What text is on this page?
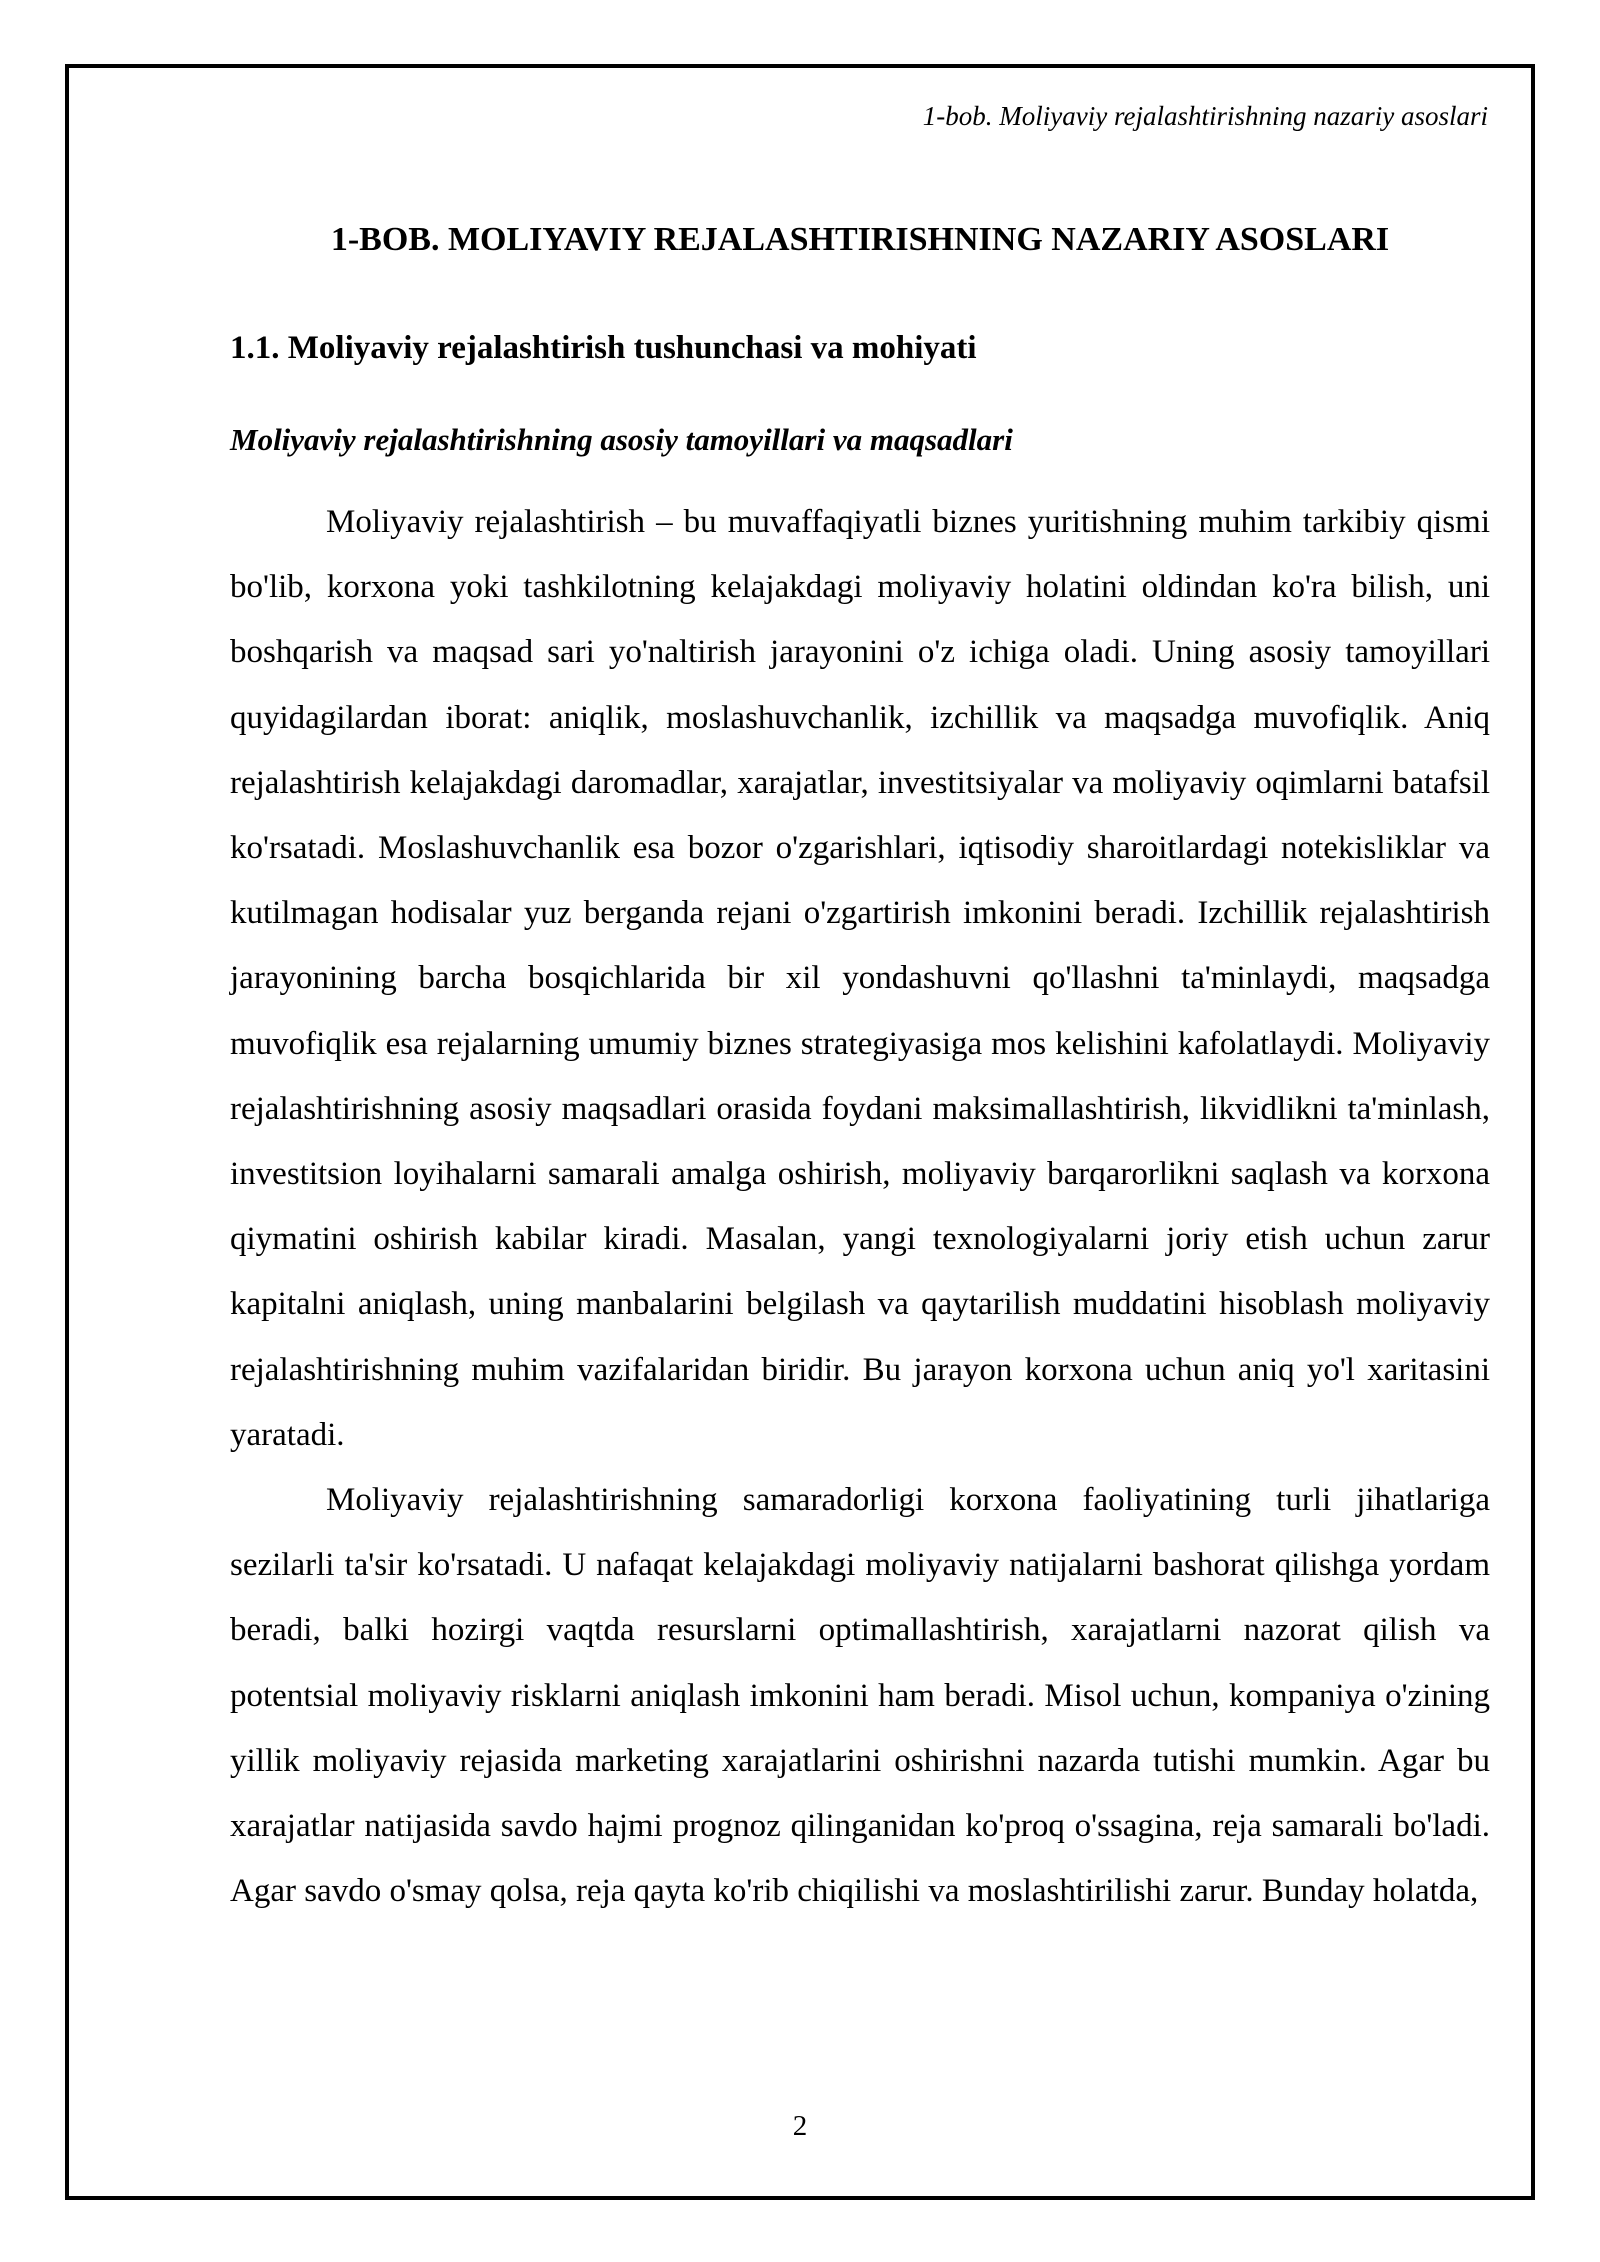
1-bob. Moliyaviy rejalashtirishning nazariy asoslari
1-BOB. MOLIYAVIY REJALASHTIRISHNING NAZARIY ASOSLARI
1.1. Moliyaviy rejalashtirish tushunchasi va mohiyati
Moliyaviy rejalashtirishning asosiy tamoyillari va maqsadlari

Moliyaviy rejalashtirish – bu muvaffaqiyatli biznes yuritishning muhim tarkibiy qismi bo'lib, korxona yoki tashkilotning kelajakdagi moliyaviy holatini oldindan ko'ra bilish, uni boshqarish va maqsad sari yo'naltirish jarayonini o'z ichiga oladi. Uning asosiy tamoyillari quyidagilardan iborat: aniqlik, moslashuvchanlik, izchillik va maqsadga muvofiqlik. Aniq rejalashtirish kelajakdagi daromadlar, xarajatlar, investitsiyalar va moliyaviy oqimlarni batafsil ko'rsatadi. Moslashuvchanlik esa bozor o'zgarishlari, iqtisodiy sharoitlardagi notekisliklar va kutilmagan hodisalar yuz berganda rejani o'zgartirish imkonini beradi. Izchillik rejalashtirish jarayonining barcha bosqichlarida bir xil yondashuvni qo'llashni ta'minlaydi, maqsadga muvofiqlik esa rejalarning umumiy biznes strategiyasiga mos kelishini kafolatlaydi. Moliyaviy rejalashtirishning asosiy maqsadlari orasida foydani maksimallashtirish, likvidlikni ta'minlash, investitsion loyihalarni samarali amalga oshirish, moliyaviy barqarorlikni saqlash va korxona qiymatini oshirish kabilar kiradi. Masalan, yangi texnologiyalarni joriy etish uchun zarur kapitalni aniqlash, uning manbalarini belgilash va qaytarilish muddatini hisoblash moliyaviy rejalashtirishning muhim vazifalaridan biridir. Bu jarayon korxona uchun aniq yo'l xaritasini yaratadi.

Moliyaviy rejalashtirishning samaradorligi korxona faoliyatining turli jihatlariga sezilarli ta'sir ko'rsatadi. U nafaqat kelajakdagi moliyaviy natijalarni bashorat qilishga yordam beradi, balki hozirgi vaqtda resurslarni optimallashtirish, xarajatlarni nazorat qilish va potentsial moliyaviy risklarni aniqlash imkonini ham beradi. Misol uchun, kompaniya o'zining yillik moliyaviy rejasida marketing xarajatlarini oshirishni nazarda tutishi mumkin. Agar bu xarajatlar natijasida savdo hajmi prognoz qilinganidan ko'proq o'ssagina, reja samarali bo'ladi. Agar savdo o'smay qolsa, reja qayta ko'rib chiqilishi va moslashtirilishi zarur. Bunday holatda,

2
